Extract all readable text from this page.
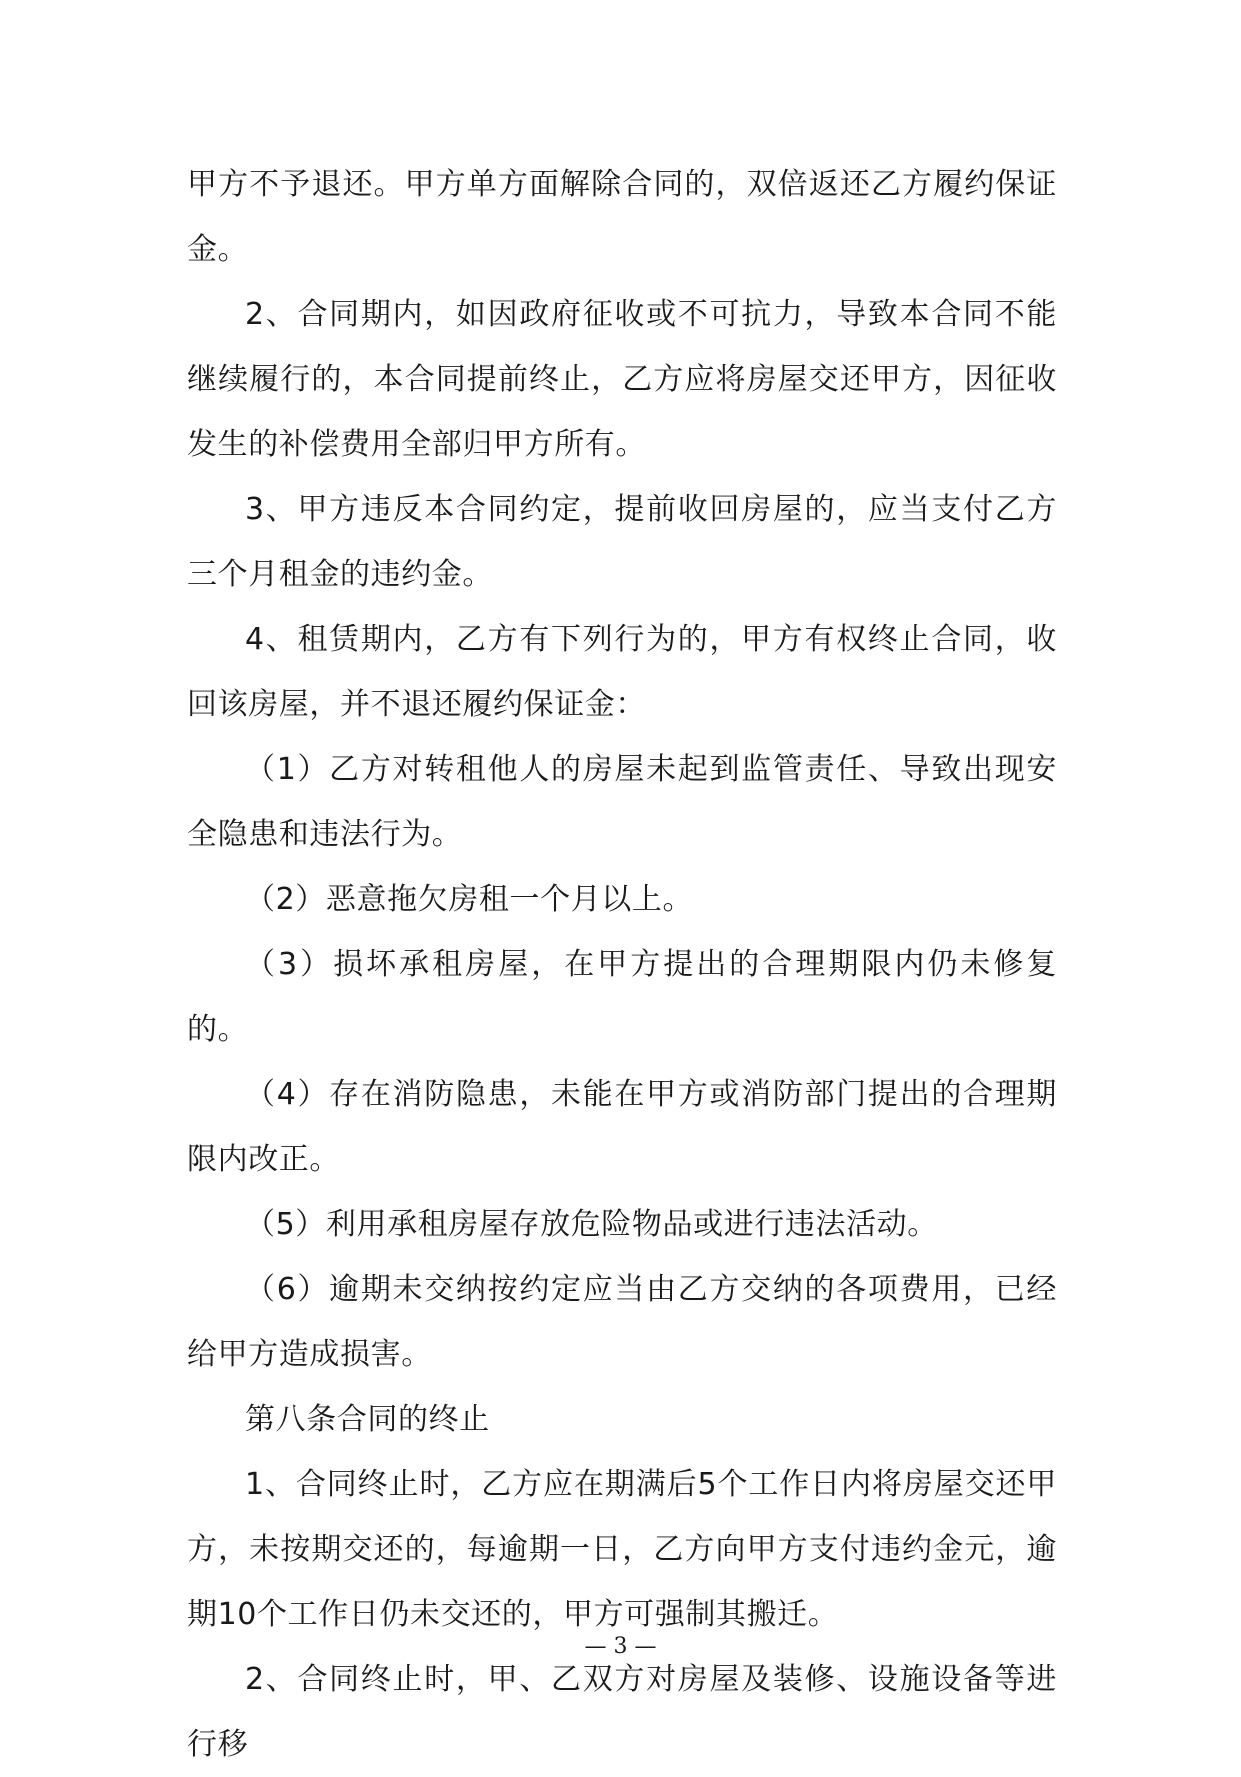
甲方不予退还。甲方单方面解除合同的，双倍返还乙方履约保证金。

2、合同期内，如因政府征收或不可抗力，导致本合同不能继续履行的，本合同提前终止，乙方应将房屋交还甲方，因征收发生的补偿费用全部归甲方所有。

3、甲方违反本合同约定，提前收回房屋的，应当支付乙方三个月租金的违约金。

4、租赁期内，乙方有下列行为的，甲方有权终止合同，收回该房屋，并不退还履约保证金：

（1）乙方对转租他人的房屋未起到监管责任、导致出现安全隐患和违法行为。

（2）恶意拖欠房租一个月以上。

（3）损坏承租房屋，在甲方提出的合理期限内仍未修复的。

（4）存在消防隐患，未能在甲方或消防部门提出的合理期限内改正。

（5）利用承租房屋存放危险物品或进行违法活动。

（6）逾期未交纳按约定应当由乙方交纳的各项费用，已经给甲方造成损害。

第八条合同的终止

1、合同终止时，乙方应在期满后5个工作日内将房屋交还甲方，未按期交还的，每逾期一日，乙方向甲方支付违约金元，逾期10个工作日仍未交还的，甲方可强制其搬迁。

2、合同终止时，甲、乙双方对房屋及装修、设施设备等进行移

— 3 —
